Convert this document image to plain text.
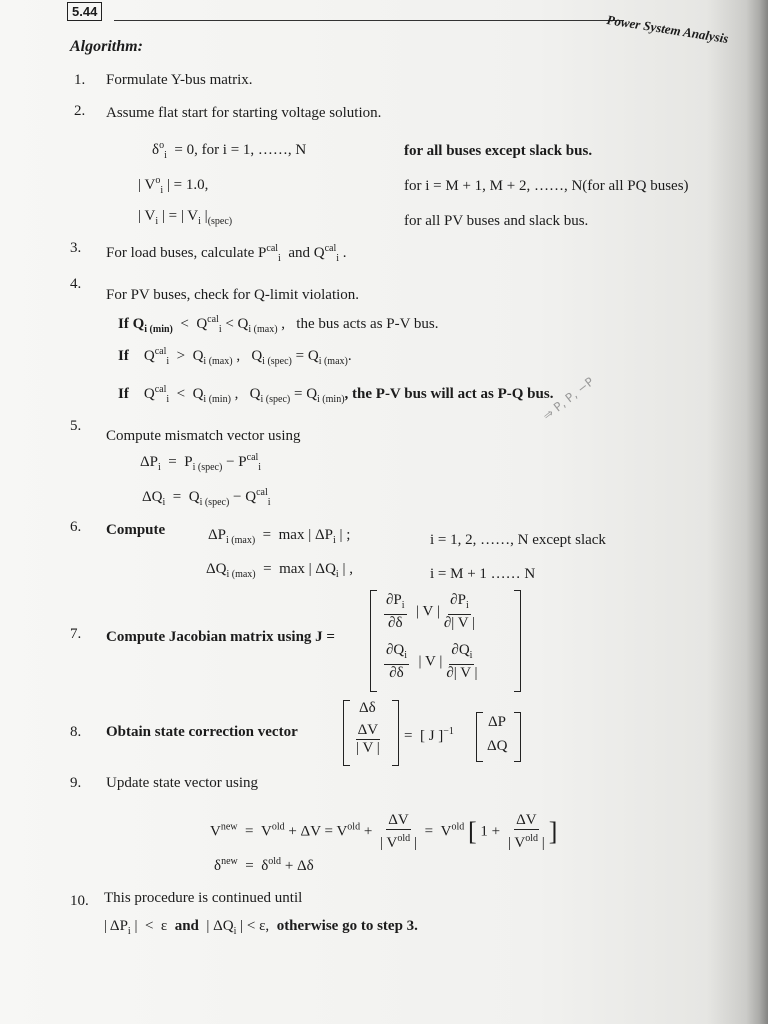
5.44
Power System Analysis
Algorithm:
1. Formulate Y-bus matrix.
2. Assume flat start for starting voltage solution.
$\delta^o_i = 0$, for i = 1, ……, N	for all buses except slack bus.
| $V^o_i$ | = 1.0,	for i = M + 1, M + 2, ……, N(for all PQ buses)
| $V_i$ | = | $V_i$ $|_{(spec)}$	for all PV buses and slack bus.
3. For load buses, calculate $P^{cal}_i$ and $Q^{cal}_i$ .
4.
For PV buses, check for Q-limit violation.
If $Q_{i (min)} < Q^{cal}_i < Q_{i (max)}$ ,   the bus acts as P-V bus.
If    $Q^{cal}_i > Q_{i (max)}$ ,   $Q_{i (spec)} = Q_{i (max)}$.
If    $Q^{cal}_i < Q_{i (min)}$ ,   $Q_{i (spec)} = Q_{i (min)}$, the P-V bus will act as P-Q bus.
5.
Compute mismatch vector using
$\Delta P_i = P_{i (spec)} - P^{cal}_i$
$\Delta Q_i = Q_{i (spec)} - Q^{cal}_i$
6. Compute	$\Delta P_{i (max)} = \max$ | $\Delta P_i$ | ;	i = 1, 2, ……, N except slack
$\Delta Q_{i (max)} = \max$ | $\Delta Q_i$ | ,	i = M + 1 …… N
7. Compute Jacobian matrix using J =
$\frac{\partial P_i}{\partial\delta}$ | V | $\frac{\partial P_i}{\partial| V |}$
$\frac{\partial Q_i}{\partial\delta}$ | V | $\frac{\partial Q_i}{\partial| V |}$
8. Obtain state correction vector
Δδ
$\frac{\Delta V}{| V |}$ =  [ J ]$^{-1}$
ΔP
ΔQ
9. Update state vector using
$V^{new} = V^{old} + \Delta V = V^{old} + \frac{\Delta V}{| V^{old} |} = V^{old}$ [ $1 + \frac{\Delta V}{| V^{old} |}$ ]
$\delta^{new} = \delta^{old} + \Delta\delta$
10. This procedure is continued until
| $\Delta P_i$ |  <  ε  and  | $\Delta Q_i$ | < ε,  otherwise go to step 3.
⇒ P, P, −P
